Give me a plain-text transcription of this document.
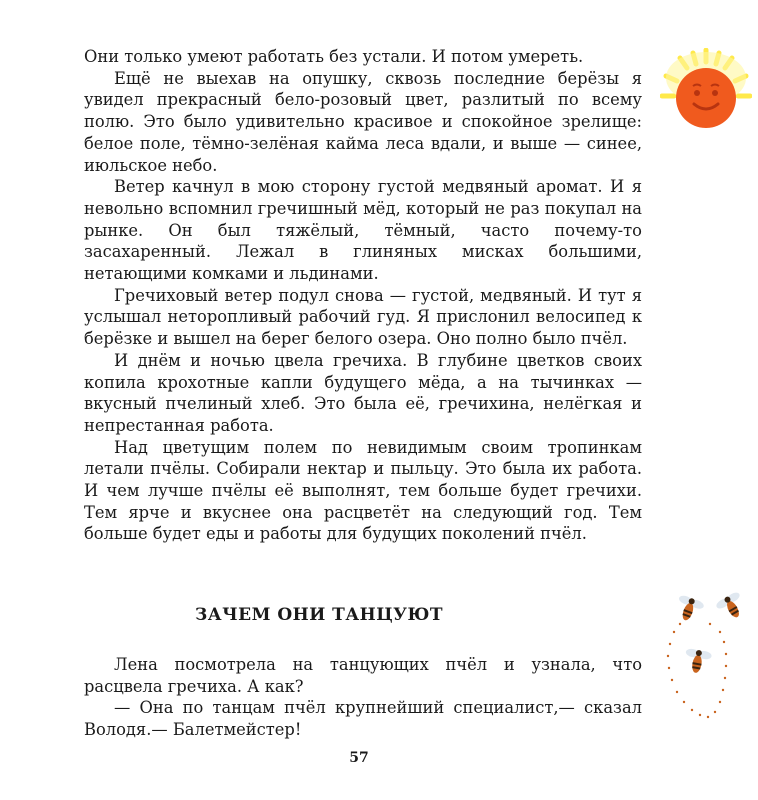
Они только умеют работать без устали. И потом умереть.

Ещё не выехав на опушку, сквозь последние берёзы я увидел прекрасный бело-розовый цвет, разлитый по всему полю. Это было удивительно красивое и спокойное зрелище: белое поле, тёмно-зелёная кайма леса вдали, и выше — синее, июльское небо.

Ветер качнул в мою сторону густой медвяный аромат. И я невольно вспомнил гречишный мёд, который не раз покупал на рынке. Он был тяжёлый, тёмный, часто почему-то засахаренный. Лежал в глиняных мисках большими, нетающими комками и льдинами.

Гречиховый ветер подул снова — густой, медвяный. И тут я услышал неторопливый рабочий гуд. Я прислонил велосипед к берёзке и вышел на берег белого озера. Оно полно было пчёл.

И днём и ночью цвела гречиха. В глубине цветков своих копила крохотные капли будущего мёда, а на тычинках — вкусный пчелиный хлеб. Это была её, гречихина, нелёгкая и непрестанная работа.

Над цветущим полем по невидимым своим тропинкам летали пчёлы. Собирали нектар и пыльцу. Это была их работа. И чем лучше пчёлы её выполнят, тем больше будет гречихи. Тем ярче и вкуснее она расцветёт на следующий год. Тем больше будет еды и работы для будущих поколений пчёл.

ЗАЧЕМ ОНИ ТАНЦУЮТ

Лена посмотрела на танцующих пчёл и узнала, что расцвела гречиха. А как?

— Она по танцам пчёл крупнейший специалист,— сказал Володя.— Балетмейстер!

57
